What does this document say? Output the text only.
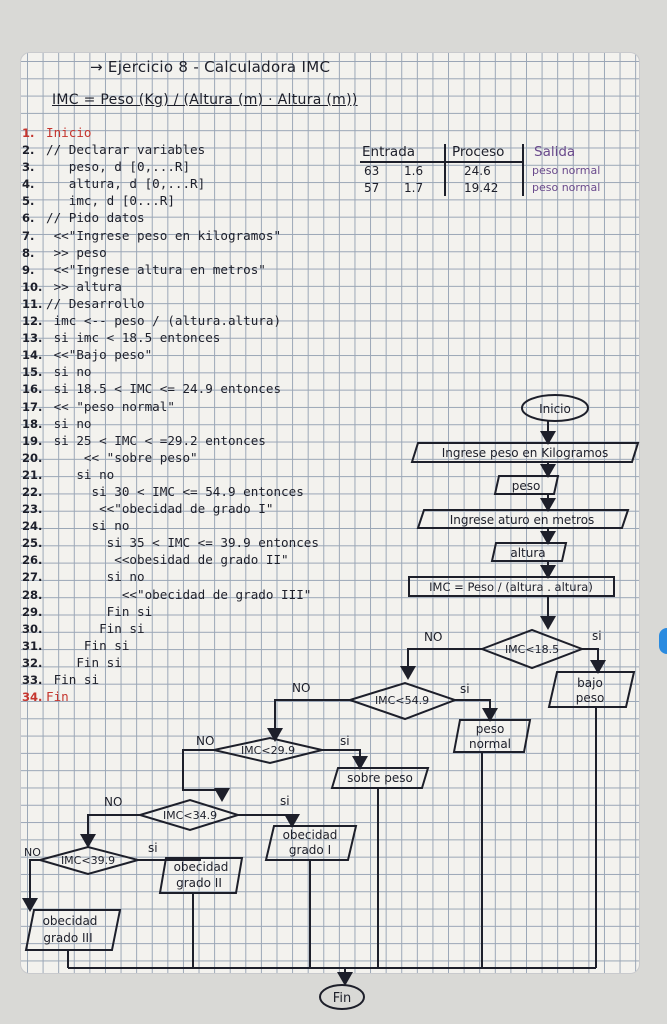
→ Ejercicio 8 - Calculadora IMC
IMC = Peso (Kg) / (Altura (m) · Altura (m))
1. Inicio
2. // Declarar variables
3.   peso, d [0,...R]
4.   altura, d [0,...R]
5.   imc, d [0...R]
6. // Pido datos
7. <<"Ingrese peso en kilogramos"
8. >> peso
9. <<"Ingrese altura en metros"
10. >> altura
11. // Desarrollo
12. imc <-- peso / (altura.altura)
13. si imc < 18.5 entonces
14. <<"Bajo peso"
15. si no
16. si 18.5 < IMC <= 24.9 entonces
17. << "peso normal"
18. si no
19. si 25 < IMC < =29.2 entonces
20.     << "sobre peso"
21.    si no
22.      si 30 < IMC <= 54.9 entonces
23.       <<"obecidad de grado I"
24.      si no
25.        si 35 < IMC <= 39.9 entonces
26.         <<obesidad de grado II"
27.        si no
28.          <<"obecidad de grado III"
29.        Fin si
30.       Fin si
31.     Fin si
32.    Fin si
33. Fin si
34. Fin
Entrada	Proceso Salida
63 1.6	24.6	peso normal
57 1.7	19.42	peso normal
Inicio
Ingrese peso en Kilogramos
peso
Ingrese aturo en metros
altura
IMC = Peso / (altura . altura)
IMC<18.5
si
NO
bajo
peso
IMC<54.9
si
NO
peso
normal
IMC<29.9
si
NO
sobre peso
IMC<34.9
si
NO
obecidad
grado I
IMC<39.9
si
NO
obecidad
grado II
obecidad
grado III
Fin
